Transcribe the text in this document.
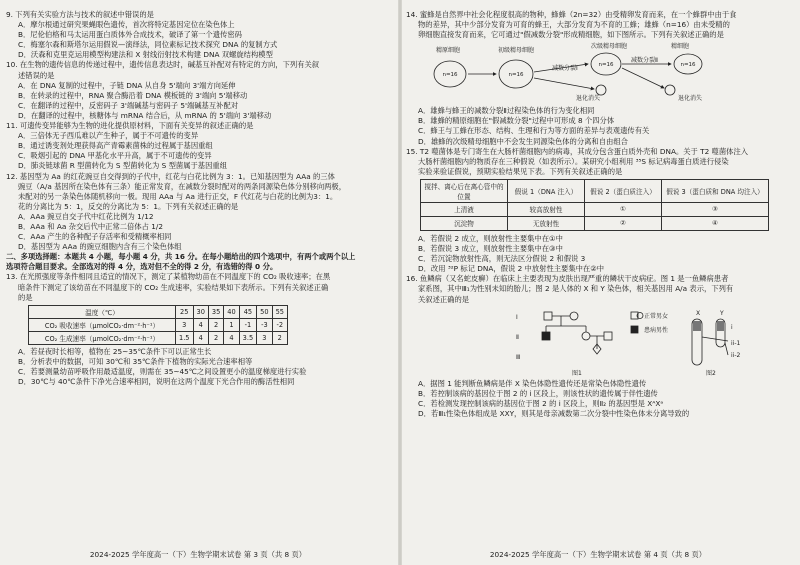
9. 下列有关实验方法与技术的叙述中错误的是
A．摩尔根通过研究果蝇眼色遗传，首次将特定基因定位在染色体上
B．尼伦伯格和马太运用蛋白质体外合成技术，破译了第一个遗传密码
C．梅塞尔森和斯塔尔运用假说—演绎法，同位素标记技术探究 DNA 的复制方式
D．沃森和克里克运用模型构建法和 X 射线衍射技术构建 DNA 双螺旋结构模型
10. 在生物的遗传信息的传递过程中，遗传信息表达时，碱基互补配对有特定的方向，下列有关叙
述错误的是
A．在 DNA 复制的过程中，子链 DNA 从自身 5'端向 3'端方向延伸
B．在转录的过程中，RNA 聚合酶沿着 DNA 模板链的 3'端向 5'端移动
C．在翻译的过程中，反密码子 3'端碱基与密码子 5'端碱基互补配对
D．在翻译的过程中，核糖体与 mRNA 结合后，从 mRNA 的 5'端向 3'端移动
11. 可遗传变异能够为生物的进化提供原材料，下面有关变异的叙述正确的是
A．三倍体无子西瓜难以产生种子，属于不可遗传的变异
B．通过诱变剂处理获得高产青霉素菌株的过程属于基因重组
C．吸烟引起的 DNA 甲基化水平升高，属于不可遗传的变异
D．肺炎链球菌 R 型菌转化为 S 型菌转化为 S 型菌属于基因重组
12. 基因型为 Aa 的红花豌豆自交得到的子代中，红花与白花比例为 3：1。已知基因型为 AAa 的三体
豌豆（A/a 基因所在染色体有三条）能正常发育，在减数分裂时配对的两条同源染色体分别移向两极，
未配对的另一条染色体随机移向一极。现用 AAa 与 Aa 进行正交，F 代红花与白花的比例为3：1。
花的分离比为 5：1，反交的分离比为 5：1。下列有关叙述正确的是
A．AAa 豌豆自交子代中红花比例为 1/12
B．AAa 和 Aa 杂交后代中正常二倍体占 1/2
C．AAa 产生的各种配子存活率和受精概率相同
D．基因型为 AAa 的豌豆细胞内含有三个染色体组
二、多项选择题：本题共 4 小题，每小题 4 分，共 16 分。在每小题给出的四个选项中，有两个或两个以上
选项符合题目要求。全部选对的得 4 分，选对但不全的得 2 分，有选错的得 0 分。
13. 在光照强度等条件相同且适宜的情况下，测定了某植物幼苗在不同温度下的 CO₂ 吸收速率；在黑
暗条件下测定了该幼苗在不同温度下的 CO₂ 生成速率，实验结果如下表所示。下列有关叙述正确
的是
温度（℃）	25	30	35	40	45	50	55
CO₂ 吸收速率（μmolCO₂·dm⁻²·h⁻¹）	3	4	2	1	-1	-3	-2
CO₂ 生成速率（μmolCO₂·dm⁻²·h⁻¹）	1.5	4	2	4	3.5	3	2
A．若昼夜时长相等，植物在 25~35℃条件下可以正常生长
B．分析表中的数据，可知 30℃和 35℃条件下植物的实际光合速率相等
C．若要测量幼苗呼吸作用最适温度，则需在 35~45℃之间设置更小的温度梯度进行实验
D．30℃与 40℃条件下净光合速率相同，说明在这两个温度下光合作用的酶活性相同
2024-2025 学年度高一（下）生物学期末试卷 第 3 页（共 8 页）
14. 蜜蜂是自然界中社会化程度很高的物种，蜂蜂（2n=32）由受精卵发育而来，在一个蜂群中由于食
物的差异，其中少部分发育为可育的蜂王，大部分发育为不育的工蜂；雄蜂（n=16）由未受精的
卵细胞直接发育而来，它可通过"假减数分裂"形成精细胞，如下图所示。下列有关叙述正确的是
精原细胞	初级精母细胞
次级精母细胞	精细胞
减数分裂Ⅰ
减数分裂Ⅱ
退化消失	退化消失
n=16	n=16
n=16	n=16
A．雄蜂与蜂王的减数分裂Ⅱ过程染色体的行为变化相同
B．雄蜂的精原细胞在"假减数分裂"过程中可形成 8 个四分体
C．蜂王与工蜂在形态、结构、生理和行为等方面的差异与表观遗传有关
D．雄蜂的次级精母细胞中不会发生同源染色体的分离和自由组合
15. T2 噬菌体是专门寄生在大肠杆菌细胞内的病毒，其成分包含蛋白质外壳和 DNA。关于 T2 噬菌体注入
大肠杆菌细胞内的物质存在三种假说（如表所示）。某研究小组利用 ³⁵S 标记病毒蛋白质进行侵染
实验来验证假说，预期实验结果见下表。下列有关叙述正确的是
搅拌、离心后在离心管中的位置	假说 1（DNA 注入）	假说 2（蛋白质注入）	假说 3（蛋白质和 DNA 均注入）
上清液	较高放射性	①	③
沉淀物	无放射性	②	④
A．若假说 2 成立，则放射性主要集中在①中
B．若假说 3 成立，则放射性主要集中在③中
C．若沉淀物放射性高，则无法区分假说 2 和假说 3
D．改用 ³²P 标记 DNA，假说 2 中放射性主要集中在②中
16. 鱼鳞病（又名蛇皮癣）在临床上主要表现为皮肤出现严重的鳞状干皮病症。图 1 是一鱼鳞病患者
家系图，其中Ⅲ₁为性别未知的胎儿；图 2 是人体的 X 和 Y 染色体，相关基因用 A/a 表示，下列有
关叙述正确的是
Ⅰ
Ⅱ
Ⅲ
图1	图2
正常男女
患病男性
X	Y
i
ii-1
ii-2
A．据图 1 能判断鱼鳞病是伴 X 染色体隐性遗传还是常染色体隐性遗传
B．若控制该病的基因位于图 2 的 i 区段上，则该性状的遗传属于伴性遗传
C．若检测发现控制该病的基因位于图 2 的 i 区段上，则Ⅱ₂ 的基因型是 XᴬXᵃ
D．若Ⅲ₁性染色体组成是 XXY，则其是母亲减数第二次分裂中性染色体未分离导致的
2024-2025 学年度高一（下）生物学期末试卷 第 4 页（共 8 页）
